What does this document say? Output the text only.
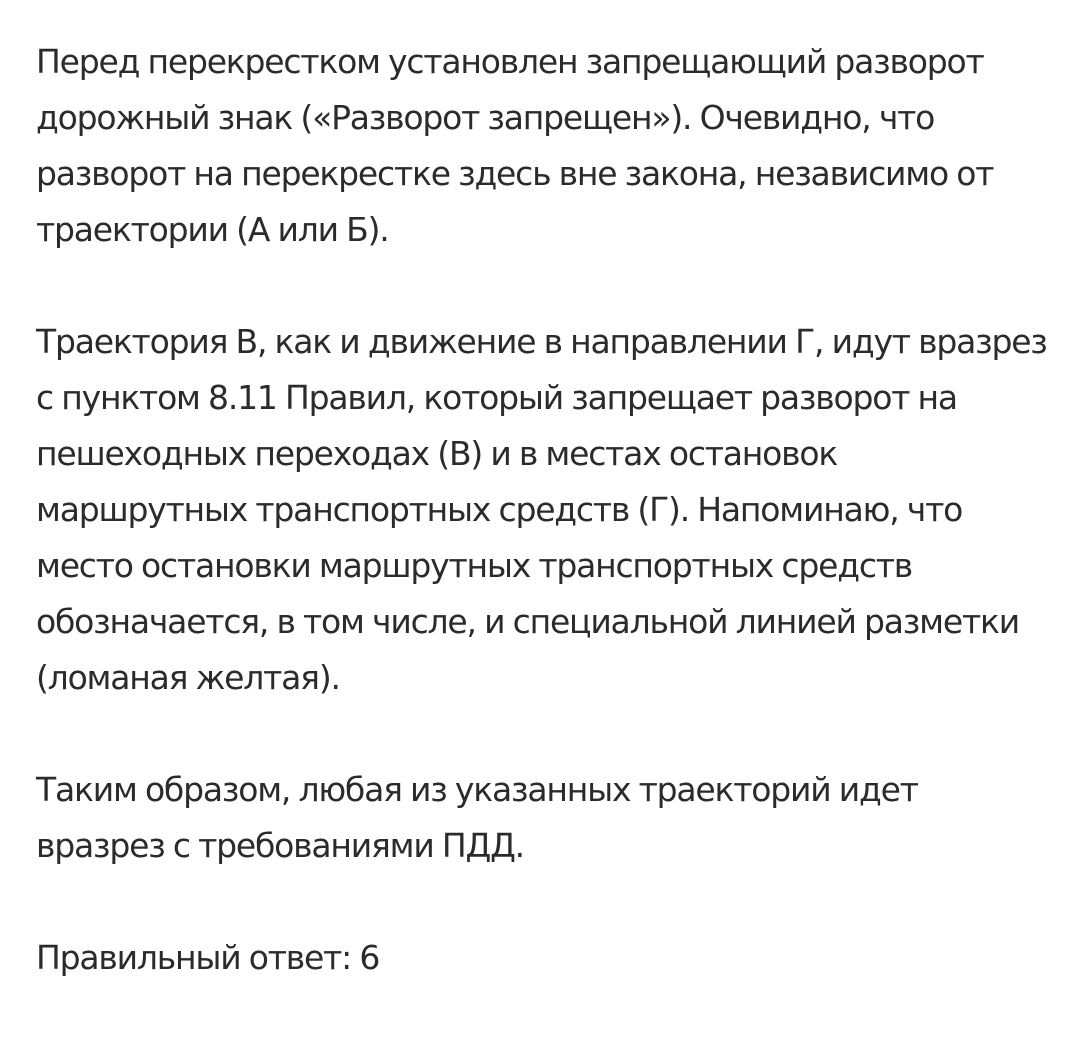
Перед перекрестком установлен запрещающий разворот
дорожный знак («Разворот запрещен»). Очевидно, что
разворот на перекрестке здесь вне закона, независимо от
траектории (А или Б).

Траектория В, как и движение в направлении Г, идут вразрез
с пунктом 8.11 Правил, который запрещает разворот на
пешеходных переходах (В) и в местах остановок
маршрутных транспортных средств (Г). Напоминаю, что
место остановки маршрутных транспортных средств
обозначается, в том числе, и специальной линией разметки
(ломаная желтая).

Таким образом, любая из указанных траекторий идет
вразрез с требованиями ПДД.

Правильный ответ: 6
